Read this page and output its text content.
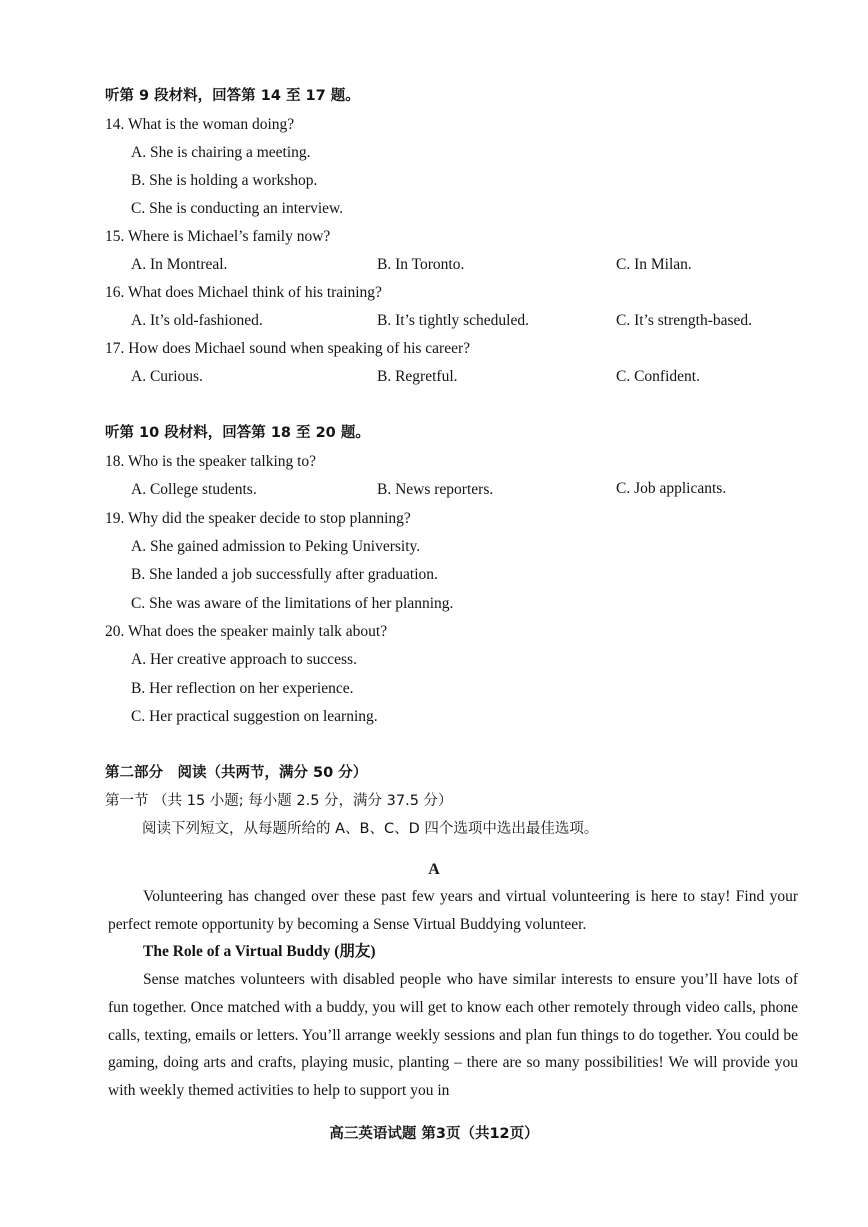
听第 9 段材料，回答第 14 至 17 题。
14. What is the woman doing?
A. She is chairing a meeting.
B. She is holding a workshop.
C. She is conducting an interview.
15. Where is Michael’s family now?
A. In Montreal.	B. In Toronto.	C. In Milan.
16. What does Michael think of his training?
A. It’s old-fashioned.	B. It’s tightly scheduled.	C. It’s strength-based.
17. How does Michael sound when speaking of his career?
A. Curious.	B. Regretful.	C. Confident.
听第 10 段材料，回答第 18 至 20 题。
18. Who is the speaker talking to?
A. College students.	B. News reporters.	C. Job applicants.
19. Why did the speaker decide to stop planning?
A. She gained admission to Peking University.
B. She landed a job successfully after graduation.
C. She was aware of the limitations of her planning.
20. What does the speaker mainly talk about?
A. Her creative approach to success.
B. Her reflection on her experience.
C. Her practical suggestion on learning.
第二部分　阅读（共两节，满分 50 分）
第一节 （共 15 小题; 每小题 2.5 分，满分 37.5 分）
阅读下列短文，从每题所给的 A、B、C、D 四个选项中选出最佳选项。
A
Volunteering has changed over these past few years and virtual volunteering is here to stay! Find your perfect remote opportunity by becoming a Sense Virtual Buddying volunteer.
The Role of a Virtual Buddy (朋友)
Sense matches volunteers with disabled people who have similar interests to ensure you’ll have lots of fun together. Once matched with a buddy, you will get to know each other remotely through video calls, phone calls, texting, emails or letters. You’ll arrange weekly sessions and plan fun things to do together. You could be gaming, doing arts and crafts, playing music, planting – there are so many possibilities! We will provide you with weekly themed activities to help to support you in
高三英语试题 第3页（共12页）
